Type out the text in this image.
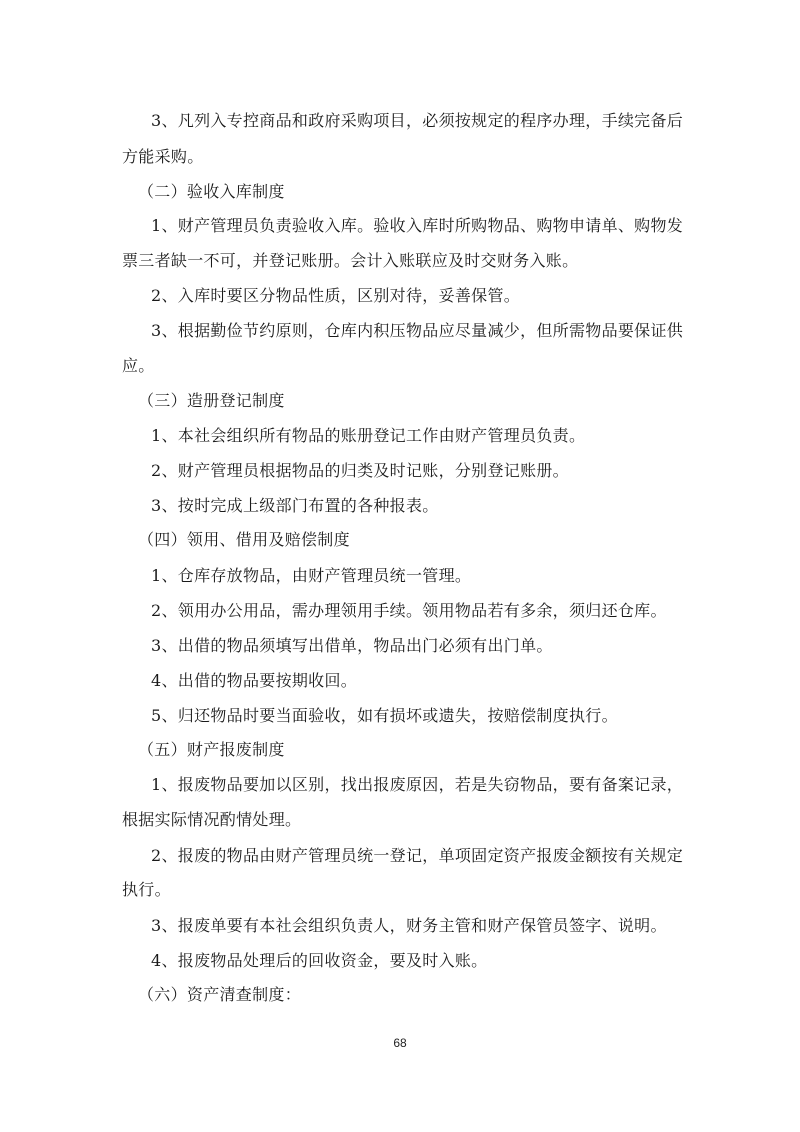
3、凡列入专控商品和政府采购项目，必须按规定的程序办理，手续完备后
方能采购。
（二）验收入库制度
1、财产管理员负责验收入库。验收入库时所购物品、购物申请单、购物发
票三者缺一不可，并登记账册。会计入账联应及时交财务入账。
2、入库时要区分物品性质，区别对待，妥善保管。
3、根据勤俭节约原则，仓库内积压物品应尽量减少，但所需物品要保证供
应。
（三）造册登记制度
1、本社会组织所有物品的账册登记工作由财产管理员负责。
2、财产管理员根据物品的归类及时记账，分别登记账册。
3、按时完成上级部门布置的各种报表。
（四）领用、借用及赔偿制度
1、仓库存放物品，由财产管理员统一管理。
2、领用办公用品，需办理领用手续。领用物品若有多余，须归还仓库。
3、出借的物品须填写出借单，物品出门必须有出门单。
4、出借的物品要按期收回。
5、归还物品时要当面验收，如有损坏或遗失，按赔偿制度执行。
（五）财产报废制度
1、报废物品要加以区别，找出报废原因，若是失窃物品，要有备案记录，
根据实际情况酌情处理。
2、报废的物品由财产管理员统一登记，单项固定资产报废金额按有关规定
执行。
3、报废单要有本社会组织负责人，财务主管和财产保管员签字、说明。
4、报废物品处理后的回收资金，要及时入账。
（六）资产清查制度：
68
